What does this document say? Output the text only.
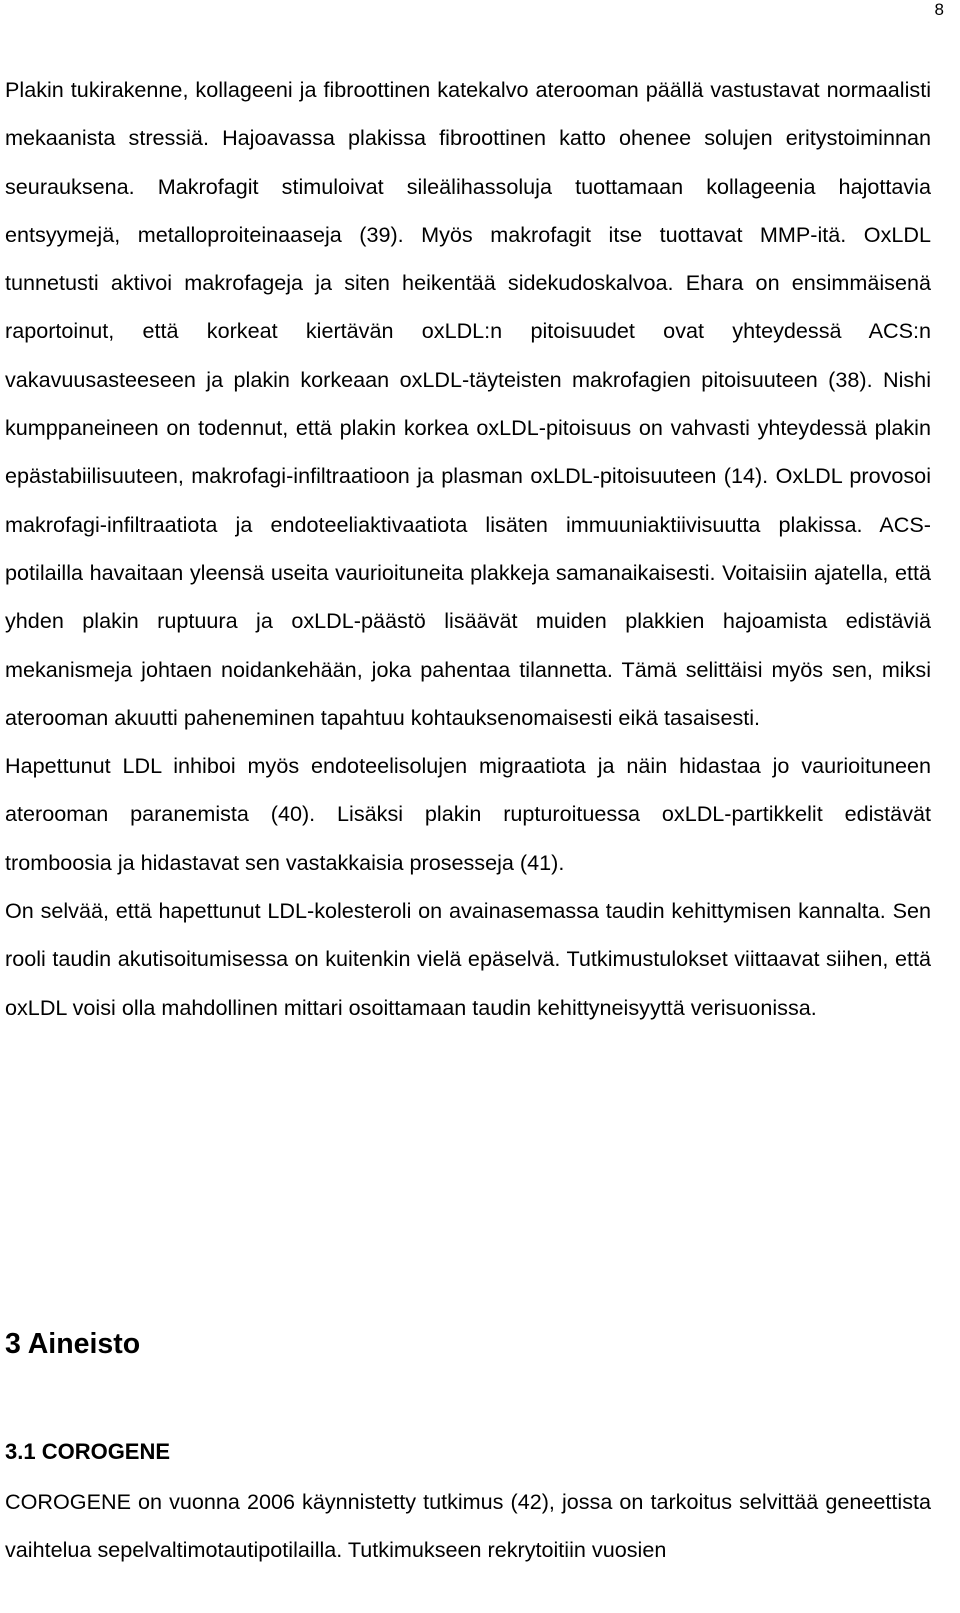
8

Plakin tukirakenne, kollageeni ja fibroottinen katekalvo aterooman päällä vastustavat normaalisti mekaanista stressiä. Hajoavassa plakissa fibroottinen katto ohenee solujen eritystoiminnan seurauksena. Makrofagit stimuloivat sileälihassoluja tuottamaan kollageenia hajottavia entsyymejä, metalloproiteinaaseja (39). Myös makrofagit itse tuottavat MMP-itä. OxLDL tunnetusti aktivoi makrofageja ja siten heikentää sidekudoskalvoa. Ehara on ensimmäisenä raportoinut, että korkeat kiertävän oxLDL:n pitoisuudet ovat yhteydessä ACS:n vakavuusasteeseen ja plakin korkeaan oxLDL-täyteisten makrofagien pitoisuuteen (38). Nishi kumppaneineen on todennut, että plakin korkea oxLDL-pitoisuus on vahvasti yhteydessä plakin epästabiilisuuteen, makrofagi-infiltraatioon ja plasman oxLDL-pitoisuuteen (14). OxLDL provosoi makrofagi-infiltraatiota ja endoteeliaktivaatiota lisäten immuuniaktiivisuutta plakissa. ACS-potilailla havaitaan yleensä useita vaurioituneita plakkeja samanaikaisesti. Voitaisiin ajatella, että yhden plakin ruptuura ja oxLDL-päästö lisäävät muiden plakkien hajoamista edistäviä mekanismeja johtaen noidankehään, joka pahentaa tilannetta. Tämä selittäisi myös sen, miksi aterooman akuutti paheneminen tapahtuu kohtauksenomaisesti eikä tasaisesti.

Hapettunut LDL inhiboi myös endoteelisolujen migraatiota ja näin hidastaa jo vaurioituneen aterooman paranemista (40). Lisäksi plakin rupturoituessa oxLDL-partikkelit edistävät tromboosia ja hidastavat sen vastakkaisia prosesseja (41).

On selvää, että hapettunut LDL-kolesteroli on avainasemassa taudin kehittymisen kannalta. Sen rooli taudin akutisoitumisessa on kuitenkin vielä epäselvä. Tutkimustulokset viittaavat siihen, että oxLDL voisi olla mahdollinen mittari osoittamaan taudin kehittyneisyyttä verisuonissa.

3 Aineisto
3.1 COROGENE

COROGENE on vuonna 2006 käynnistetty tutkimus (42), jossa on tarkoitus selvittää geneettista vaihtelua sepelvaltimotautipotilailla. Tutkimukseen rekrytoitiin vuosien
